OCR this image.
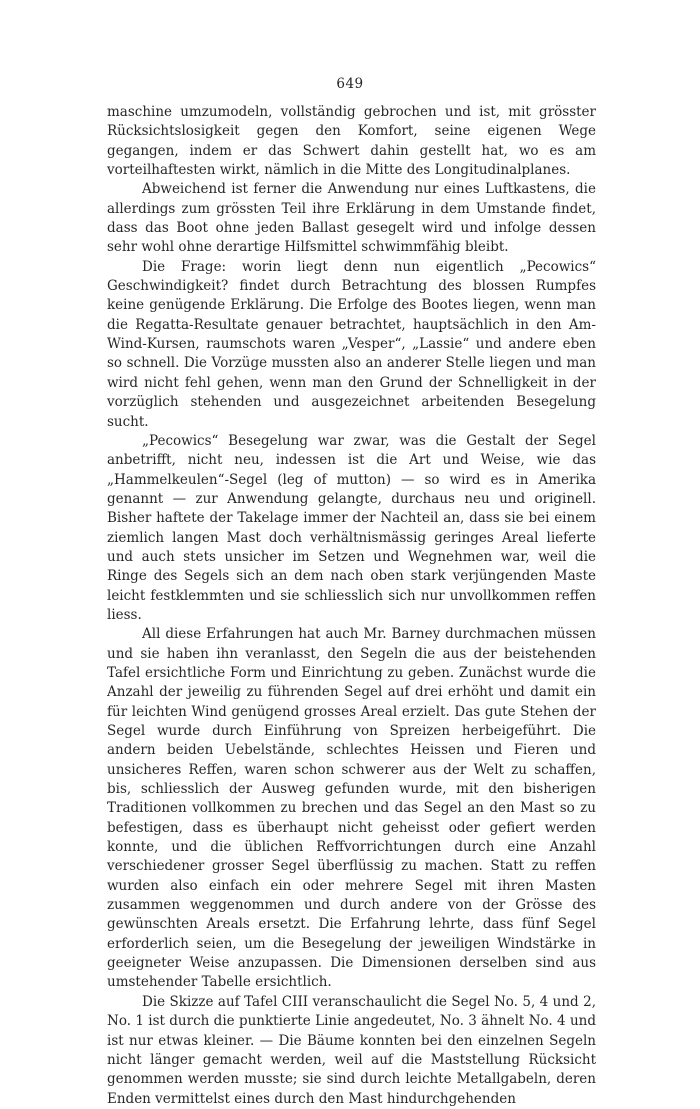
649

maschine umzumodeln, vollständig gebrochen und ist, mit grösster Rücksichtslosigkeit gegen den Komfort, seine eigenen Wege gegangen, indem er das Schwert dahin gestellt hat, wo es am vorteilhaftesten wirkt, nämlich in die Mitte des Longitudinalplanes.

Abweichend ist ferner die Anwendung nur eines Luftkastens, die allerdings zum grössten Teil ihre Erklärung in dem Umstande findet, dass das Boot ohne jeden Ballast gesegelt wird und infolge dessen sehr wohl ohne derartige Hilfsmittel schwimmfähig bleibt.

Die Frage: worin liegt denn nun eigentlich „Pecowics“ Geschwindigkeit? findet durch Betrachtung des blossen Rumpfes keine genügende Erklärung. Die Erfolge des Bootes liegen, wenn man die Regatta-Resultate genauer betrachtet, hauptsächlich in den Am-Wind-Kursen, raumschots waren „Vesper“, „Lassie“ und andere eben so schnell. Die Vorzüge mussten also an anderer Stelle liegen und man wird nicht fehl gehen, wenn man den Grund der Schnelligkeit in der vorzüglich stehenden und ausgezeichnet arbeitenden Besegelung sucht.

„Pecowics“ Besegelung war zwar, was die Gestalt der Segel anbetrifft, nicht neu, indessen ist die Art und Weise, wie das „Hammelkeulen“-Segel (leg of mutton) — so wird es in Amerika genannt — zur Anwendung gelangte, durchaus neu und originell. Bisher haftete der Takelage immer der Nachteil an, dass sie bei einem ziemlich langen Mast doch verhältnismässig geringes Areal lieferte und auch stets unsicher im Setzen und Wegnehmen war, weil die Ringe des Segels sich an dem nach oben stark verjüngenden Maste leicht festklemmten und sie schliesslich sich nur unvollkommen reffen liess.

All diese Erfahrungen hat auch Mr. Barney durchmachen müssen und sie haben ihn veranlasst, den Segeln die aus der beistehenden Tafel ersichtliche Form und Einrichtung zu geben. Zunächst wurde die Anzahl der jeweilig zu führenden Segel auf drei erhöht und damit ein für leichten Wind genügend grosses Areal erzielt. Das gute Stehen der Segel wurde durch Einführung von Spreizen herbeigeführt. Die andern beiden Uebelstände, schlechtes Heissen und Fieren und unsicheres Reffen, waren schon schwerer aus der Welt zu schaffen, bis, schliesslich der Ausweg gefunden wurde, mit den bisherigen Traditionen vollkommen zu brechen und das Segel an den Mast so zu befestigen, dass es überhaupt nicht geheisst oder gefiert werden konnte, und die üblichen Reffvorrichtungen durch eine Anzahl verschiedener grosser Segel überflüssig zu machen. Statt zu reffen wurden also einfach ein oder mehrere Segel mit ihren Masten zusammen weggenommen und durch andere von der Grösse des gewünschten Areals ersetzt. Die Erfahrung lehrte, dass fünf Segel erforderlich seien, um die Besegelung der jeweiligen Windstärke in geeigneter Weise anzupassen. Die Dimensionen derselben sind aus umstehender Tabelle ersichtlich.

Die Skizze auf Tafel CIII veranschaulicht die Segel No. 5, 4 und 2, No. 1 ist durch die punktierte Linie angedeutet, No. 3 ähnelt No. 4 und ist nur etwas kleiner. — Die Bäume konnten bei den einzelnen Segeln nicht länger gemacht werden, weil auf die Maststellung Rücksicht genommen werden musste; sie sind durch leichte Metallgabeln, deren Enden vermittelst eines durch den Mast hindurchgehenden
